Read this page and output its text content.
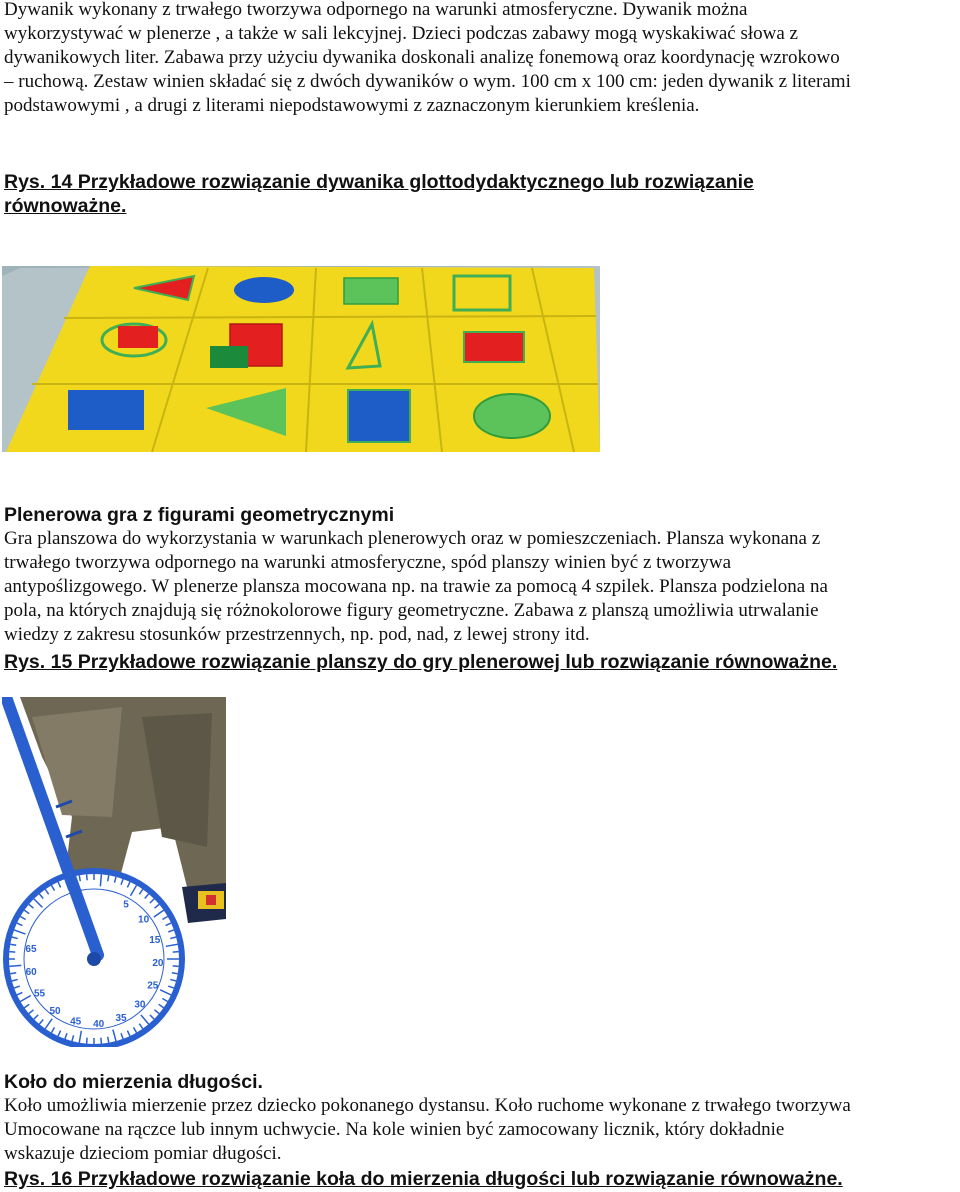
Dywanik wykonany z trwałego tworzywa odpornego na warunki atmosferyczne. Dywanik można
wykorzystywać w plenerze , a także w sali lekcyjnej. Dzieci podczas zabawy mogą wyskakiwać słowa z
dywanikowych liter. Zabawa przy użyciu dywanika doskonali analizę fonemową oraz koordynację wzrokowo
– ruchową. Zestaw winien składać się z dwóch dywaników o wym. 100 cm x 100 cm: jeden dywanik z literami
podstawowymi , a drugi z literami niepodstawowymi z zaznaczonym kierunkiem kreślenia.

Rys. 14 Przykładowe rozwiązanie dywanika glottodydaktycznego lub rozwiązanie
równoważne.

Plenerowa gra z figurami geometrycznymi

Gra planszowa do wykorzystania w warunkach plenerowych oraz w pomieszczeniach. Plansza wykonana z
trwałego tworzywa odpornego na warunki atmosferyczne, spód planszy winien być z tworzywa
antypoślizgowego. W plenerze plansza mocowana np. na trawie za pomocą 4 szpilek. Plansza podzielona na
pola, na których znajdują się różnokolorowe figury geometryczne. Zabawa z planszą umożliwia utrwalanie
wiedzy z zakresu stosunków przestrzennych, np. pod, nad, z lewej strony itd.

Rys. 15 Przykładowe rozwiązanie planszy do gry plenerowej lub rozwiązanie równoważne.

5
10
15
20
25
30
35
40
45
50
55
60
65
Koło do mierzenia długości.

Koło umożliwia mierzenie przez dziecko pokonanego dystansu. Koło ruchome wykonane z trwałego tworzywa
Umocowane na rączce lub innym uchwycie. Na kole winien być zamocowany licznik, który dokładnie
wskazuje dzieciom pomiar długości.

Rys. 16 Przykładowe rozwiązanie koła do mierzenia długości lub rozwiązanie równoważne.
